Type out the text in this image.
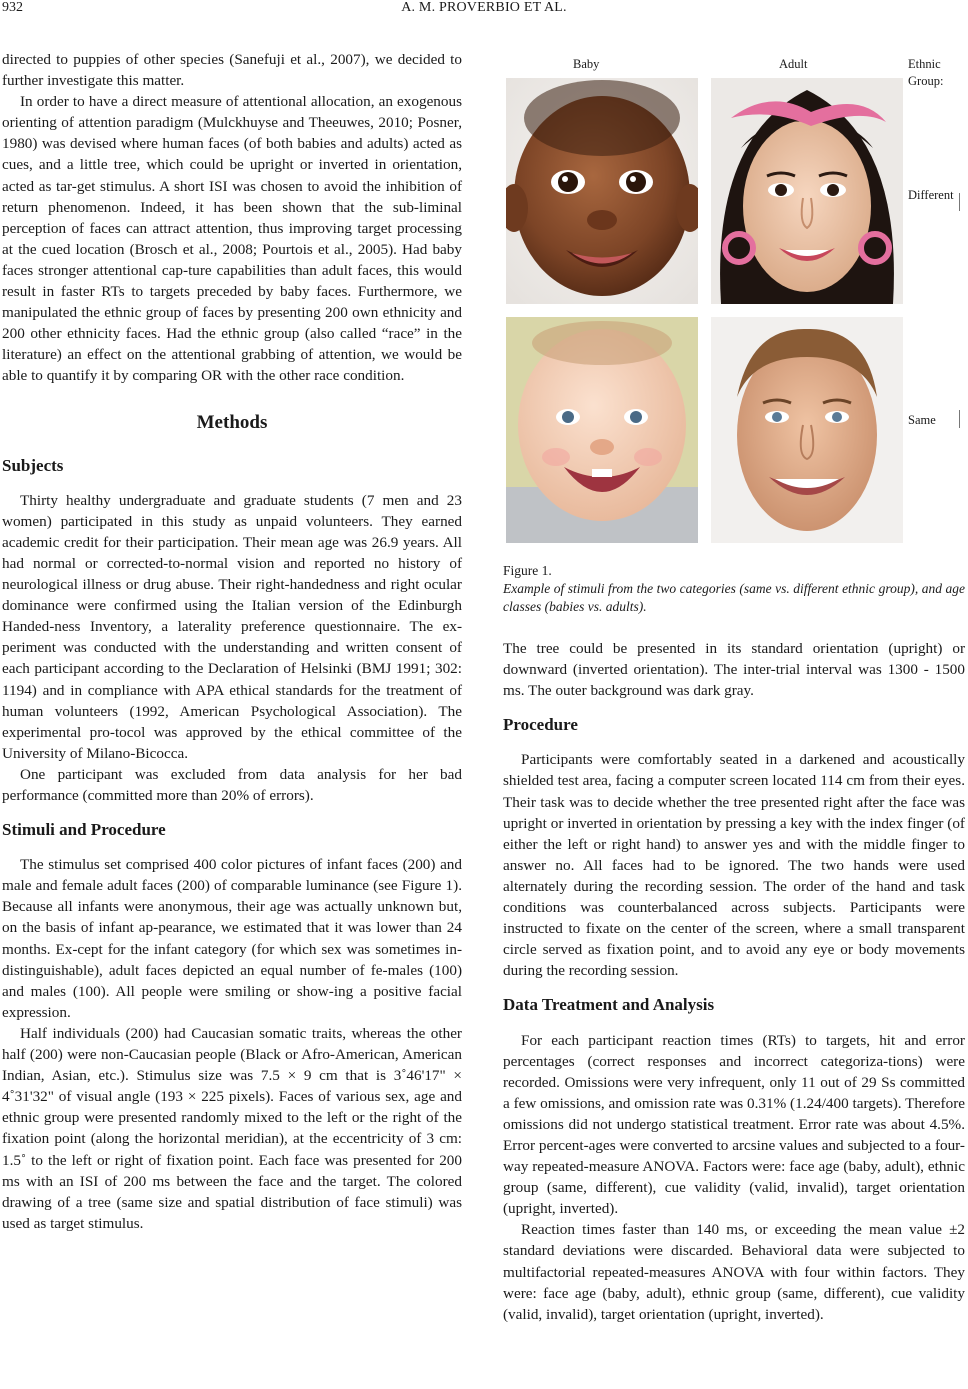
932	A. M. PROVERBIO ET AL.

directed to puppies of other species (Sanefuji et al., 2007), we decided to further investigate this matter.

In order to have a direct measure of attentional allocation, an exogenous orienting of attention paradigm (Mulckhuyse and Theeuwes, 2010; Posner, 1980) was devised where human faces (of both babies and adults) acted as cues, and a little tree, which could be upright or inverted in orientation, acted as tar-get stimulus. A short ISI was chosen to avoid the inhibition of return phenomenon. Indeed, it has been shown that the sub-liminal perception of faces can attract attention, thus improving target processing at the cued location (Brosch et al., 2008; Pourtois et al., 2005). Had baby faces stronger attentional cap-ture capabilities than adult faces, this would result in faster RTs to targets preceded by baby faces. Furthermore, we manipulated the ethnic group of faces by presenting 200 own ethnicity and 200 other ethnicity faces. Had the ethnic group (also called “race” in the literature) an effect on the attentional grabbing of attention, we would be able to quantify it by comparing OR with the other race condition.

Methods
Subjects

Thirty healthy undergraduate and graduate students (7 men and 23 women) participated in this study as unpaid volunteers. They earned academic credit for their participation. Their mean age was 26.9 years. All had normal or corrected-to-normal vision and reported no history of neurological illness or drug abuse. Their right-handedness and right ocular dominance were confirmed using the Italian version of the Edinburgh Handed-ness Inventory, a laterality preference questionnaire. The ex-periment was conducted with the understanding and written consent of each participant according to the Declaration of Helsinki (BMJ 1991; 302: 1194) and in compliance with APA ethical standards for the treatment of human volunteers (1992, American Psychological Association). The experimental pro-tocol was approved by the ethical committee of the University of Milano-Bicocca.

One participant was excluded from data analysis for her bad performance (committed more than 20% of errors).

Stimuli and Procedure

The stimulus set comprised 400 color pictures of infant faces (200) and male and female adult faces (200) of comparable luminance (see Figure 1). Because all infants were anonymous, their age was actually unknown but, on the basis of infant ap-pearance, we estimated that it was lower than 24 months. Ex-cept for the infant category (for which sex was sometimes in-distinguishable), adult faces depicted an equal number of fe-males (100) and males (100). All people were smiling or show-ing a positive facial expression.

Half individuals (200) had Caucasian somatic traits, whereas the other half (200) were non-Caucasian people (Black or Afro-American, American Indian, Asian, etc.). Stimulus size was 7.5 × 9 cm that is 3˚46'17" × 4˚31'32" of visual angle (193 × 225 pixels). Faces of various sex, age and ethnic group were presented randomly mixed to the left or the right of the fixation point (along the horizontal meridian), at the eccentricity of 3 cm: 1.5˚ to the left or right of fixation point. Each face was presented for 200 ms with an ISI of 200 ms between the face and the target. The colored drawing of a tree (same size and spatial distribution of face stimuli) was used as target stimulus.

Baby	Adult	Ethnic
Group:
Different
Same
Figure 1.
Example of stimuli from the two categories (same vs. different ethnic group), and age classes (babies vs. adults).

The tree could be presented in its standard orientation (upright) or downward (inverted orientation). The inter-trial interval was 1300 - 1500 ms. The outer background was dark gray.

Procedure

Participants were comfortably seated in a darkened and acoustically shielded test area, facing a computer screen located 114 cm from their eyes. Their task was to decide whether the tree presented right after the face was upright or inverted in orientation by pressing a key with the index finger (of either the left or right hand) to answer yes and with the middle finger to answer no. All faces had to be ignored. The two hands were used alternately during the recording session. The order of the hand and task conditions was counterbalanced across subjects. Participants were instructed to fixate on the center of the screen, where a small transparent circle served as fixation point, and to avoid any eye or body movements during the recording session.

Data Treatment and Analysis

For each participant reaction times (RTs) to targets, hit and error percentages (correct responses and incorrect categoriza-tions) were recorded. Omissions were very infrequent, only 11 out of 29 Ss committed a few omissions, and omission rate was 0.31% (1.24/400 targets). Therefore omissions did not undergo statistical treatment. Error rate was about 4.5%. Error percent-ages were converted to arcsine values and subjected to a four-way repeated-measure ANOVA. Factors were: face age (baby, adult), ethnic group (same, different), cue validity (valid, invalid), target orientation (upright, inverted).

Reaction times faster than 140 ms, or exceeding the mean value ±2 standard deviations were discarded. Behavioral data were subjected to multifactorial repeated-measures ANOVA with four within factors. They were: face age (baby, adult), ethnic group (same, different), cue validity (valid, invalid), target orientation (upright, inverted).
